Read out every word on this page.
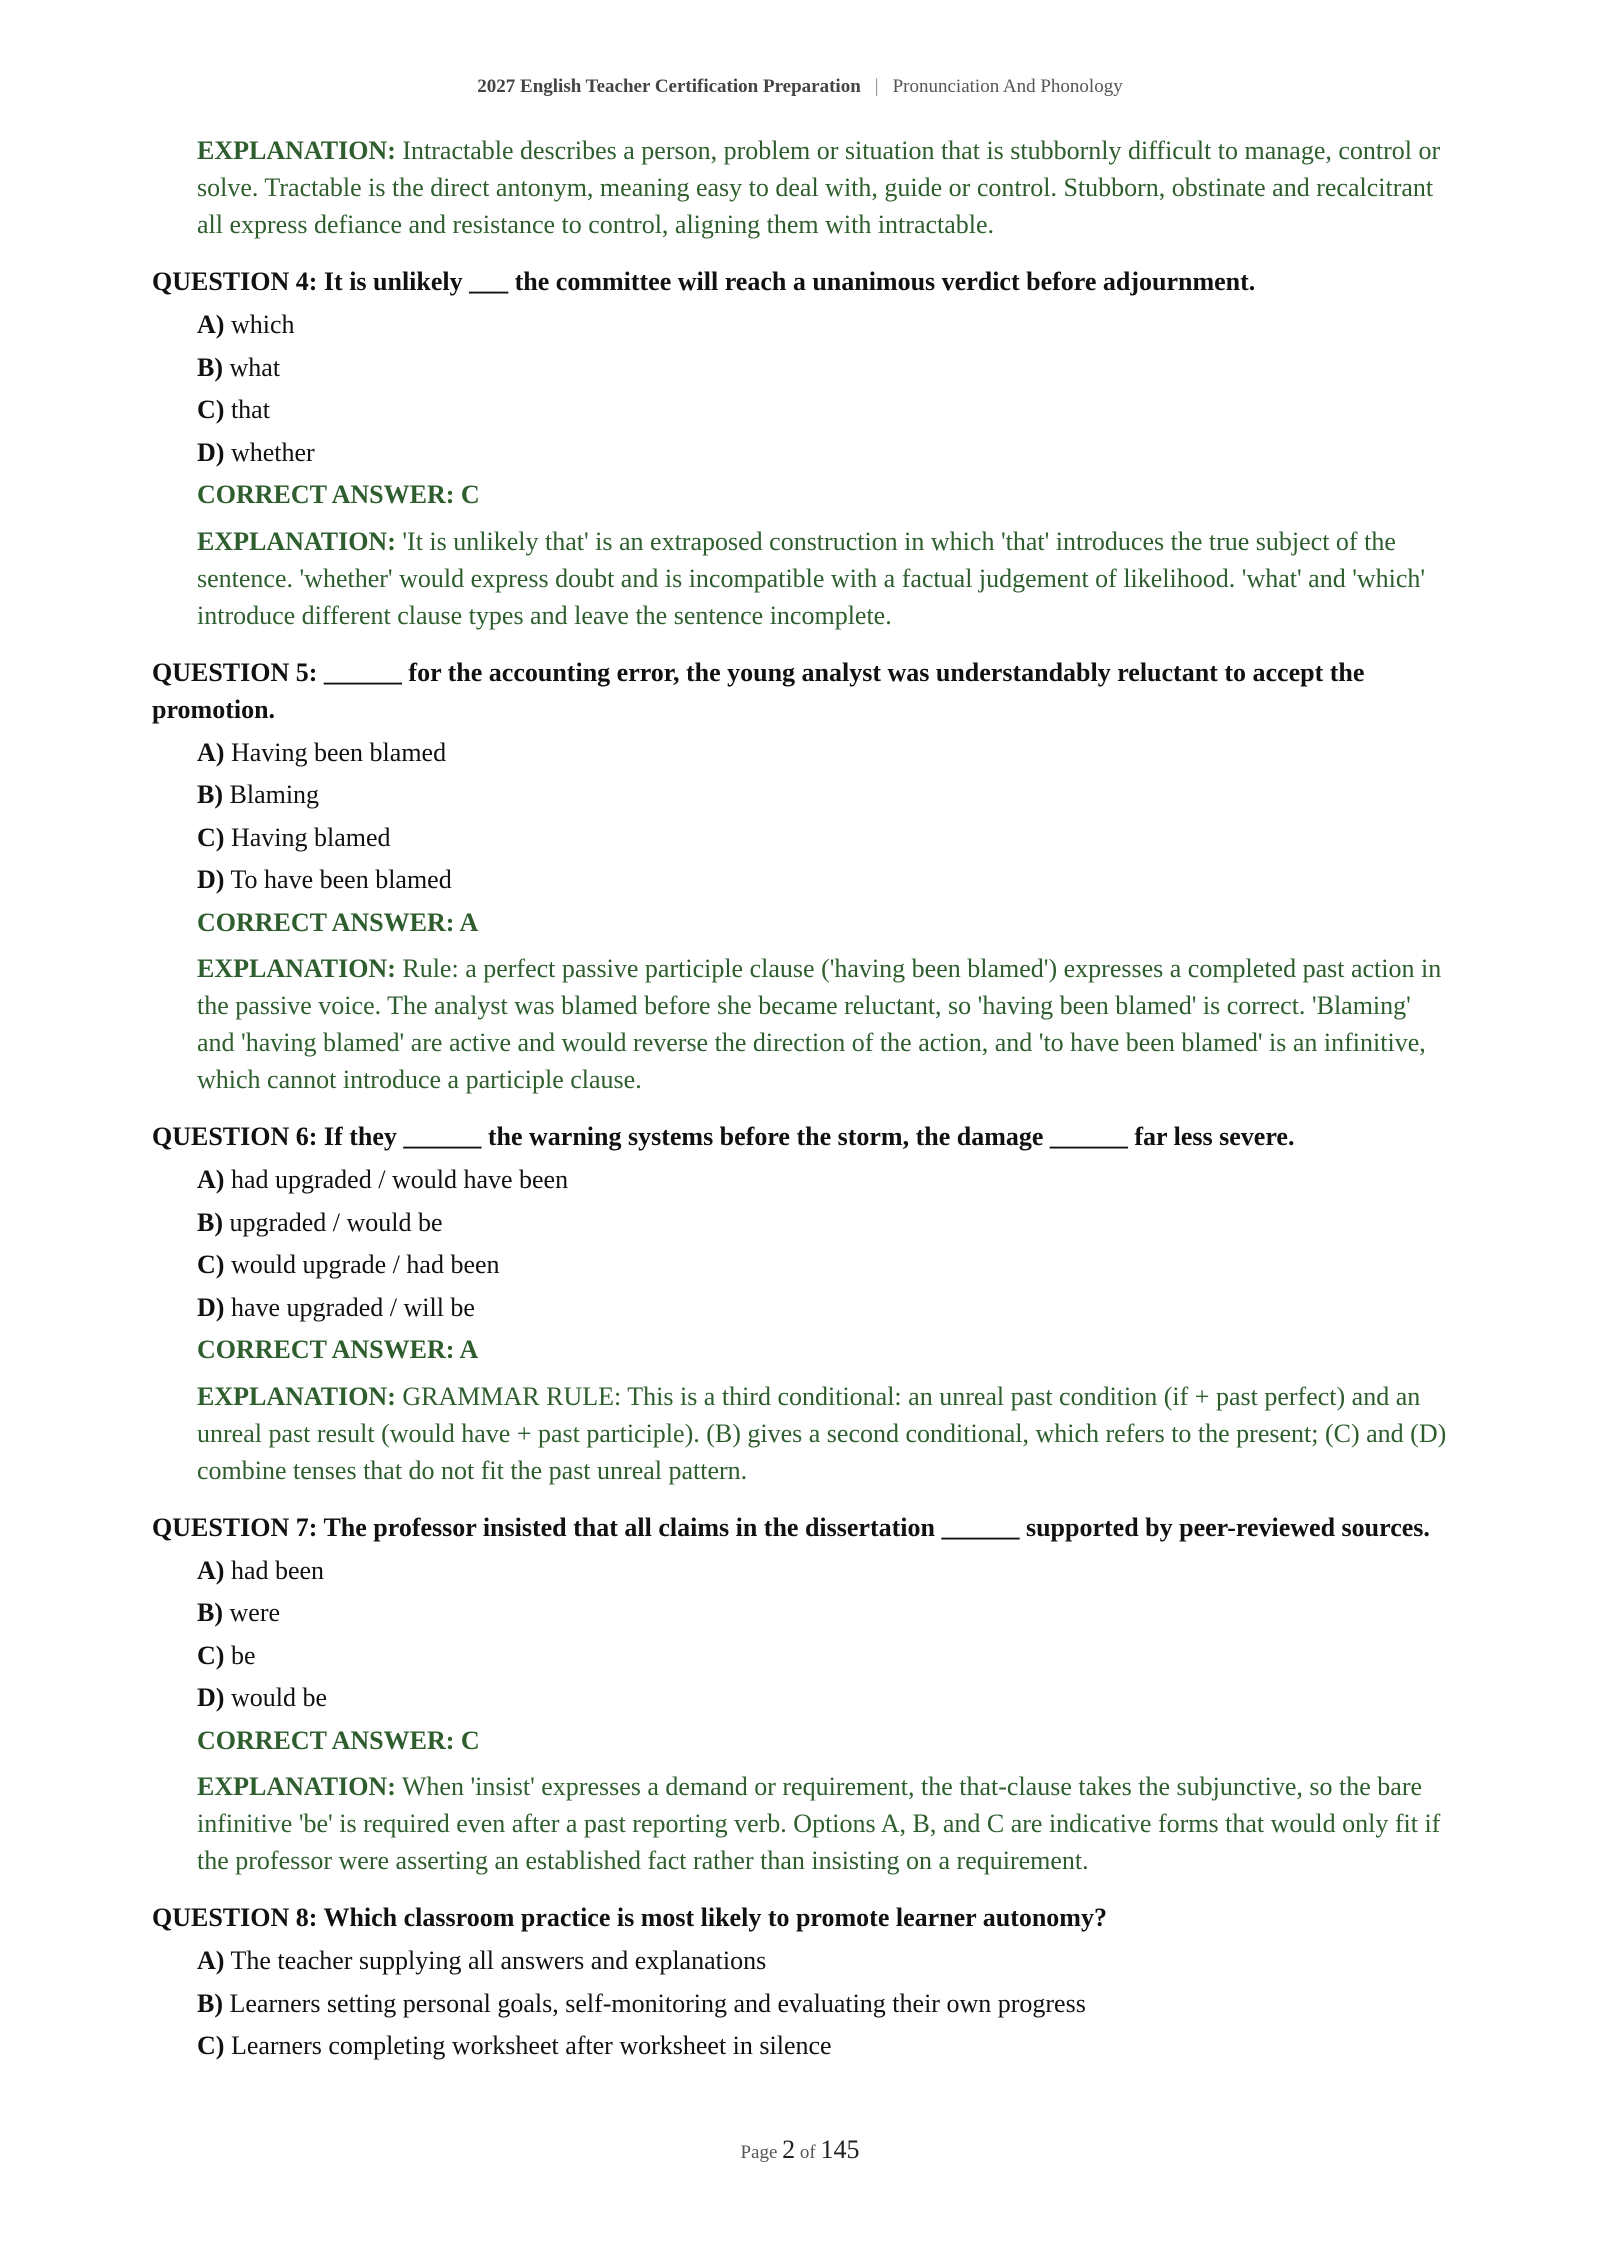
2027 English Teacher Certification Preparation | Pronunciation And Phonology
EXPLANATION: Intractable describes a person, problem or situation that is stubbornly difficult to manage, control or solve. Tractable is the direct antonym, meaning easy to deal with, guide or control. Stubborn, obstinate and recalcitrant all express defiance and resistance to control, aligning them with intractable.
QUESTION 4: It is unlikely ___ the committee will reach a unanimous verdict before adjournment.
A) which
B) what
C) that
D) whether
CORRECT ANSWER: C
EXPLANATION: 'It is unlikely that' is an extraposed construction in which 'that' introduces the true subject of the sentence. 'whether' would express doubt and is incompatible with a factual judgement of likelihood. 'what' and 'which' introduce different clause types and leave the sentence incomplete.
QUESTION 5: ______ for the accounting error, the young analyst was understandably reluctant to accept the promotion.
A) Having been blamed
B) Blaming
C) Having blamed
D) To have been blamed
CORRECT ANSWER: A
EXPLANATION: Rule: a perfect passive participle clause ('having been blamed') expresses a completed past action in the passive voice. The analyst was blamed before she became reluctant, so 'having been blamed' is correct. 'Blaming' and 'having blamed' are active and would reverse the direction of the action, and 'to have been blamed' is an infinitive, which cannot introduce a participle clause.
QUESTION 6: If they ______ the warning systems before the storm, the damage ______ far less severe.
A) had upgraded / would have been
B) upgraded / would be
C) would upgrade / had been
D) have upgraded / will be
CORRECT ANSWER: A
EXPLANATION: GRAMMAR RULE: This is a third conditional: an unreal past condition (if + past perfect) and an unreal past result (would have + past participle). (B) gives a second conditional, which refers to the present; (C) and (D) combine tenses that do not fit the past unreal pattern.
QUESTION 7: The professor insisted that all claims in the dissertation ______ supported by peer-reviewed sources.
A) had been
B) were
C) be
D) would be
CORRECT ANSWER: C
EXPLANATION: When 'insist' expresses a demand or requirement, the that-clause takes the subjunctive, so the bare infinitive 'be' is required even after a past reporting verb. Options A, B, and C are indicative forms that would only fit if the professor were asserting an established fact rather than insisting on a requirement.
QUESTION 8: Which classroom practice is most likely to promote learner autonomy?
A) The teacher supplying all answers and explanations
B) Learners setting personal goals, self-monitoring and evaluating their own progress
C) Learners completing worksheet after worksheet in silence
Page 2 of 145
